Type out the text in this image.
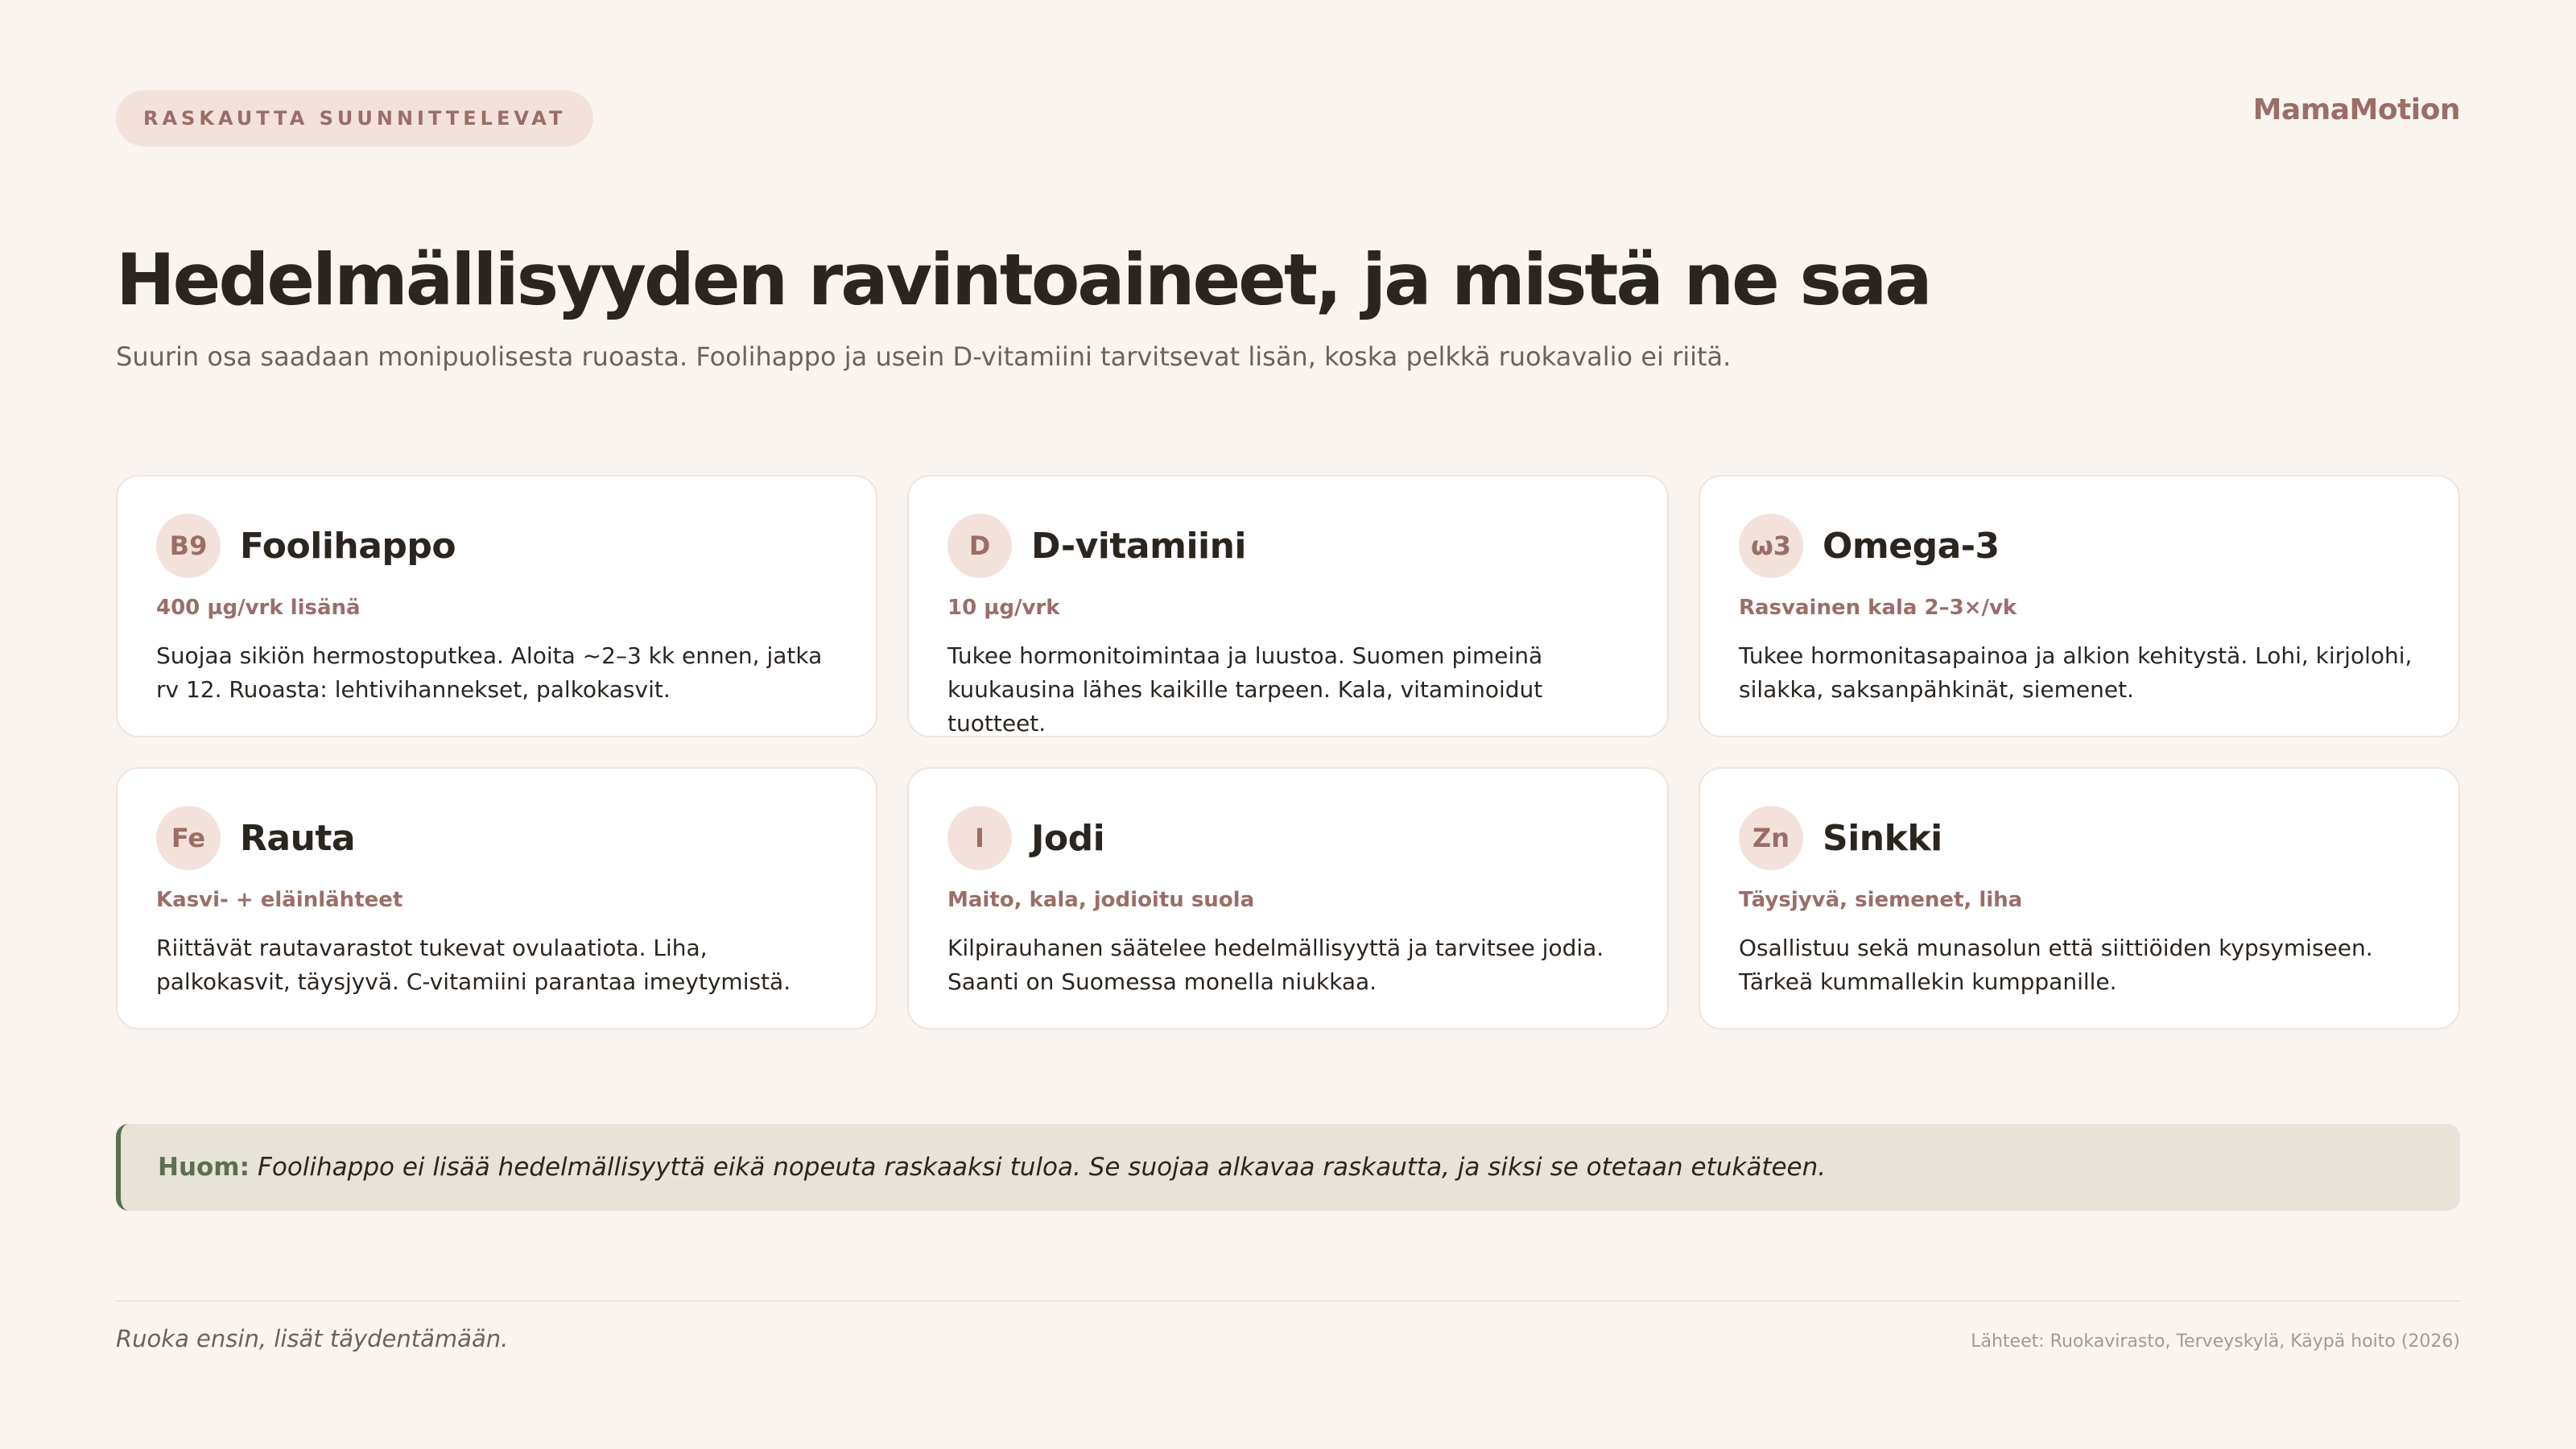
RASKAUTTA SUUNNITTELEVAT	MamaMotion
Hedelmällisyyden ravintoaineet, ja mistä ne saa
Suurin osa saadaan monipuolisesta ruoasta. Foolihappo ja usein D-vitamiini tarvitsevat lisän, koska pelkkä ruokavalio ei riitä.
B9 Foolihappo
400 µg/vrk lisänä
Suojaa sikiön hermostoputkea. Aloita ~2–3 kk ennen, jatka rv 12. Ruoasta: lehtivihannekset, palkokasvit.
D	D-vitamiini
10 µg/vrk
Tukee hormonitoimintaa ja luustoa. Suomen pimeinä kuukausina lähes kaikille tarpeen. Kala, vitaminoidut tuotteet.
ω3 Omega-3
Rasvainen kala 2–3×/vk
Tukee hormonitasapainoa ja alkion kehitystä. Lohi, kirjolohi, silakka, saksanpähkinät, siemenet.
Fe Rauta
Kasvi- + eläinlähteet
Riittävät rautavarastot tukevat ovulaatiota. Liha, palkokasvit, täysjyvä. C-vitamiini parantaa imeytymistä.
I	Jodi
Maito, kala, jodioitu suola
Kilpirauhanen säätelee hedelmällisyyttä ja tarvitsee jodia. Saanti on Suomessa monella niukkaa.
Zn Sinkki
Täysjyvä, siemenet, liha
Osallistuu sekä munasolun että siittiöiden kypsymiseen. Tärkeä kummallekin kumppanille.
Huom: Foolihappo ei lisää hedelmällisyyttä eikä nopeuta raskaaksi tuloa. Se suojaa alkavaa raskautta, ja siksi se otetaan etukäteen.
Ruoka ensin, lisät täydentämään.	Lähteet: Ruokavirasto, Terveyskylä, Käypä hoito (2026)
